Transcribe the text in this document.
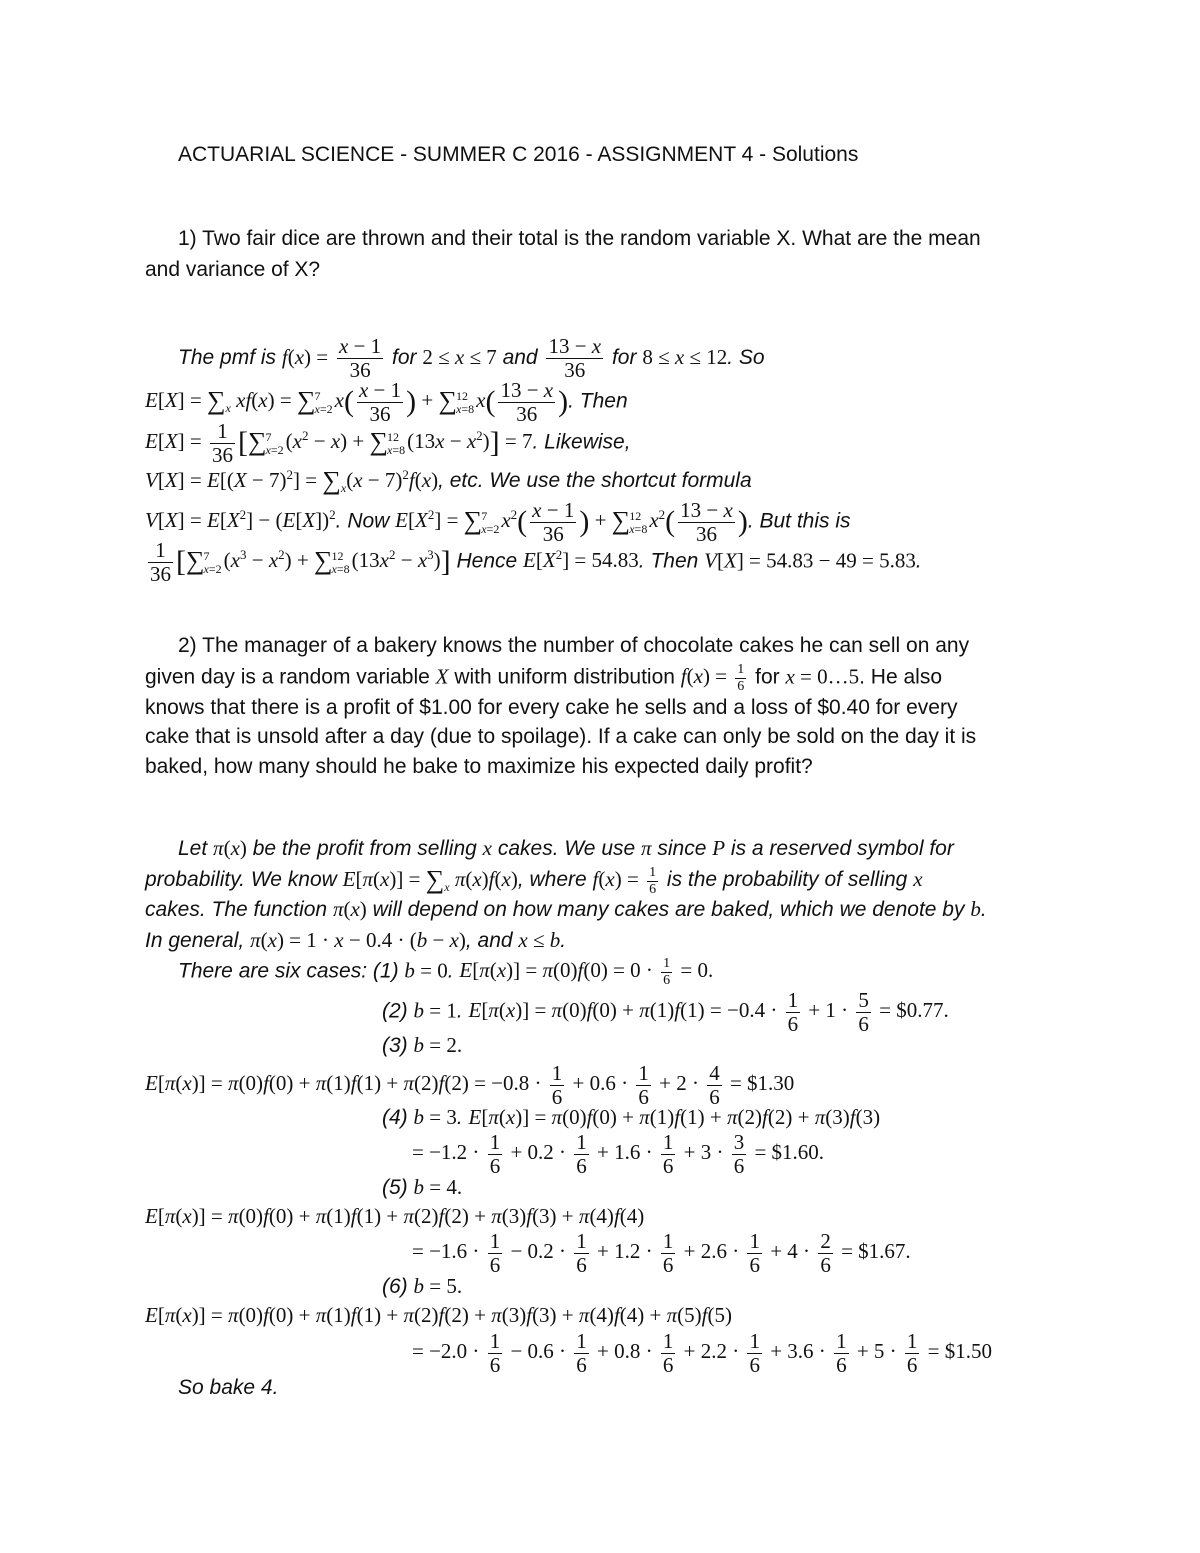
ACTUARIAL SCIENCE - SUMMER C 2016 - ASSIGNMENT 4 - Solutions
1) Two fair dice are thrown and their total is the random variable X. What are the mean
and variance of X?
The pmf is $f(x) = \frac{x - 1}{36}$ for 2 ≤ x ≤ 7 and $\frac{13 - x}{36}$ for 8 ≤ x ≤ 12. So
$E[X] = \sum_x$ xf(x) = ∑ 7
x=2 $x( \frac{x - 1}{36}$ ) + ∑ 12
x=8 $x( \frac{13 - x}{36}$ ). Then
$E[X] = \frac{1}{36}$ [∑ 7
x=2 $(x^2 - x)$ + ∑ 12
x=8 $(13x - x^2)] = 7$. Likewise,
$V[X] = E[(X - 7)^2] = \sum_x(x - 7)^2f(x)$, etc. We use the shortcut formula
$V[X] = E[X^2] - (E[X])^2$. Now $E[X^2]$ = ∑ 7
x=2 $x^2( \frac{x - 1}{36}$ ) + ∑ 12
x=8 $x^2( \frac{13 - x}{36}$ ). But this is
$\frac{1}{36}$ [∑ 7
x=2 $(x^3 - x^2)$ + ∑ 12
x=8 $(13x^2 - x^3)$] Hence $E[X^2] = 54.83$. Then V[X] = 54.83 − 49 = 5.83.
2) The manager of a bakery knows the number of chocolate cakes he can sell on any
given day is a random variable X with uniform distribution $f(x) = \frac{1}{6}$ for x = 0…5. He also
knows that there is a profit of $1.00 for every cake he sells and a loss of $0.40 for every
cake that is unsold after a day (due to spoilage). If a cake can only be sold on the day it is
baked, how many should he bake to maximize his expected daily profit?
Let π(x) be the profit from selling x cakes. We use π since P is a reserved symbol for
probability. We know $E[\pi(x)] = \sum_x$ π(x)f(x), where $f(x) = \frac{1}{6}$ is the probability of selling x
cakes. The function π(x) will depend on how many cakes are baked, which we denote by b.
In general, π(x) = 1 · x − 0.4 · (b − x), and x ≤ b.
There are six cases: (1) b = 0. $E[\pi(x)] = \pi(0)f(0) = 0 \cdot \frac{1}{6} = 0$.
(2) b = 1. $E[\pi(x)] = \pi(0)f(0) + \pi(1)f(1) = -0.4 \cdot \frac{1}{6} + 1 \cdot \frac{5}{6}$ = $0.77.
(3) b = 2.
$E[\pi(x)] = \pi(0)f(0) + \pi(1)f(1) + \pi(2)f(2) = -0.8 \cdot \frac{1}{6} + 0.6 \cdot \frac{1}{6} + 2 \cdot \frac{4}{6}$ = $1.30
(4) b = 3. E[π(x)] = π(0)f(0) + π(1)f(1) + π(2)f(2) + π(3)f(3)
= $-1.2 \cdot \frac{1}{6} + 0.2 \cdot \frac{1}{6} + 1.6 \cdot \frac{1}{6} + 3 \cdot \frac{3}{6}$ = $1.60.
(5) b = 4.
E[π(x)] = π(0)f(0) + π(1)f(1) + π(2)f(2) + π(3)f(3) + π(4)f(4)
= $-1.6 \cdot \frac{1}{6} - 0.2 \cdot \frac{1}{6} + 1.2 \cdot \frac{1}{6} + 2.6 \cdot \frac{1}{6} + 4 \cdot \frac{2}{6}$ = $1.67.
(6) b = 5.
E[π(x)] = π(0)f(0) + π(1)f(1) + π(2)f(2) + π(3)f(3) + π(4)f(4) + π(5)f(5)
= $-2.0 \cdot \frac{1}{6} - 0.6 \cdot \frac{1}{6} + 0.8 \cdot \frac{1}{6} + 2.2 \cdot \frac{1}{6} + 3.6 \cdot \frac{1}{6} + 5 \cdot \frac{1}{6}$ = $1.50
So bake 4.
